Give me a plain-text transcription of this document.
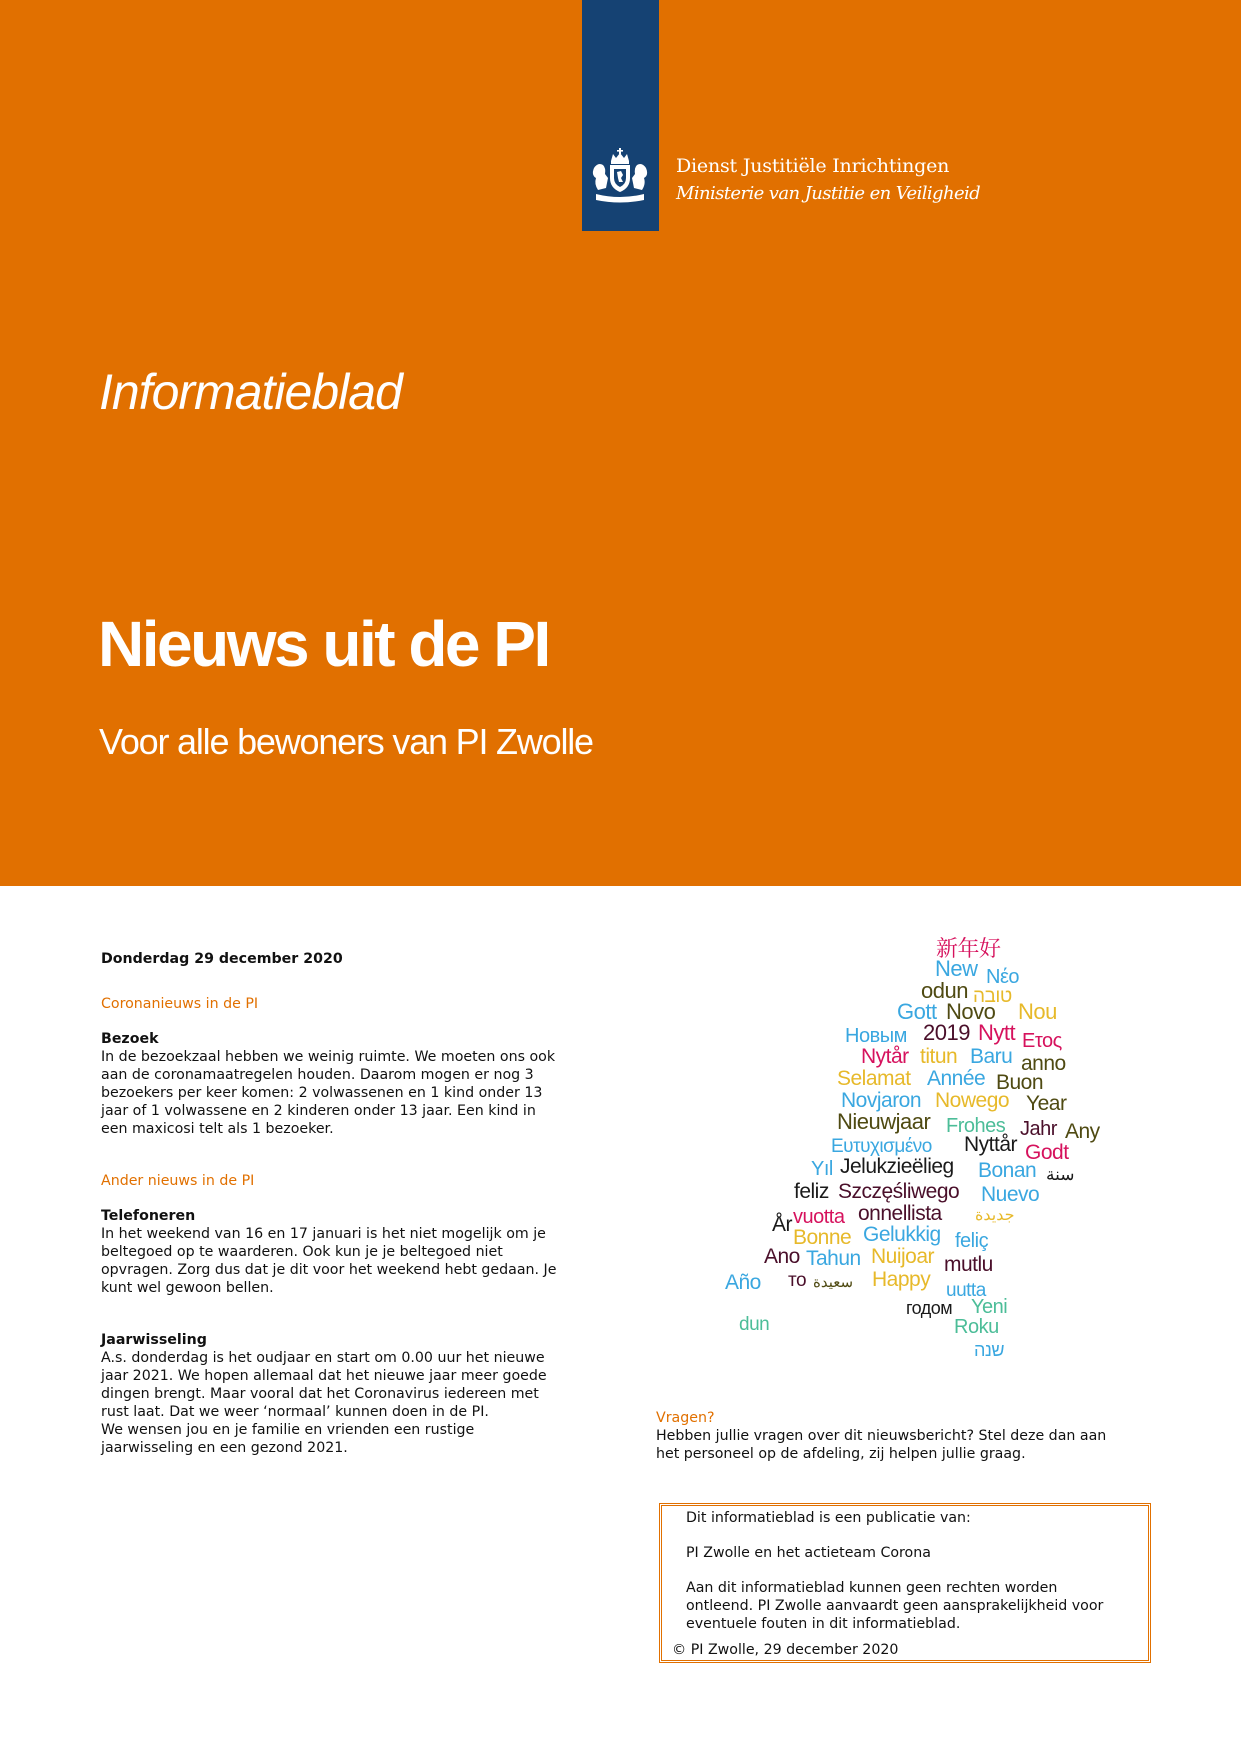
Dienst Justitiële Inrichtingen
Ministerie van Justitie en Veiligheid
Informatieblad
Nieuws uit de PI
Voor alle bewoners van PI Zwolle
Donderdag 29 december 2020
Coronanieuws in de PI
Bezoek
In de bezoekzaal hebben we weinig ruimte. We moeten ons ook
aan de coronamaatregelen houden. Daarom mogen er nog 3
bezoekers per keer komen: 2 volwassenen en 1 kind onder 13
jaar of 1 volwassene en 2 kinderen onder 13 jaar. Een kind in
een maxicosi telt als 1 bezoeker.
Ander nieuws in de PI
Telefoneren
In het weekend van 16 en 17 januari is het niet mogelijk om je
beltegoed op te waarderen. Ook kun je je beltegoed niet
opvragen. Zorg dus dat je dit voor het weekend hebt gedaan. Je
kunt wel gewoon bellen.
Jaarwisseling
A.s. donderdag is het oudjaar en start om 0.00 uur het nieuwe
jaar 2021. We hopen allemaal dat het nieuwe jaar meer goede
dingen brengt. Maar vooral dat het Coronavirus iedereen met
rust laat. Dat we weer ‘normaal’ kunnen doen in de PI.
We wensen jou en je familie en vrienden een rustige
jaarwisseling en een gezond 2021.
新年好
New Νέο
odun טובה
Gott Novo Nou
Новым 2019 Nytt Ετος
Nytår titun Baru anno
Selamat Année Buon
Novjaron Nowego Year
Nieuwjaar Frohes Jahr Any
Ευτυχισμένο Nyttår Godt
Yıl Jelukzieëlieg Bonan سنة
feliz Szczęśliwego Nuevo
vuotta onnellista جديدة
År
Bonne Gelukkig feliç
Ano Tahun Nuijoar mutlu
Año то سعيدة Happy uutta
годом Yeni
dun	Roku
שנה
Vragen?
Hebben jullie vragen over dit nieuwsbericht? Stel deze dan aan
het personeel op de afdeling, zij helpen jullie graag.
Dit informatieblad is een publicatie van:
PI Zwolle en het actieteam Corona
Aan dit informatieblad kunnen geen rechten worden
ontleend. PI Zwolle aanvaardt geen aansprakelijkheid voor
eventuele fouten in dit informatieblad.
© PI Zwolle, 29 december 2020
